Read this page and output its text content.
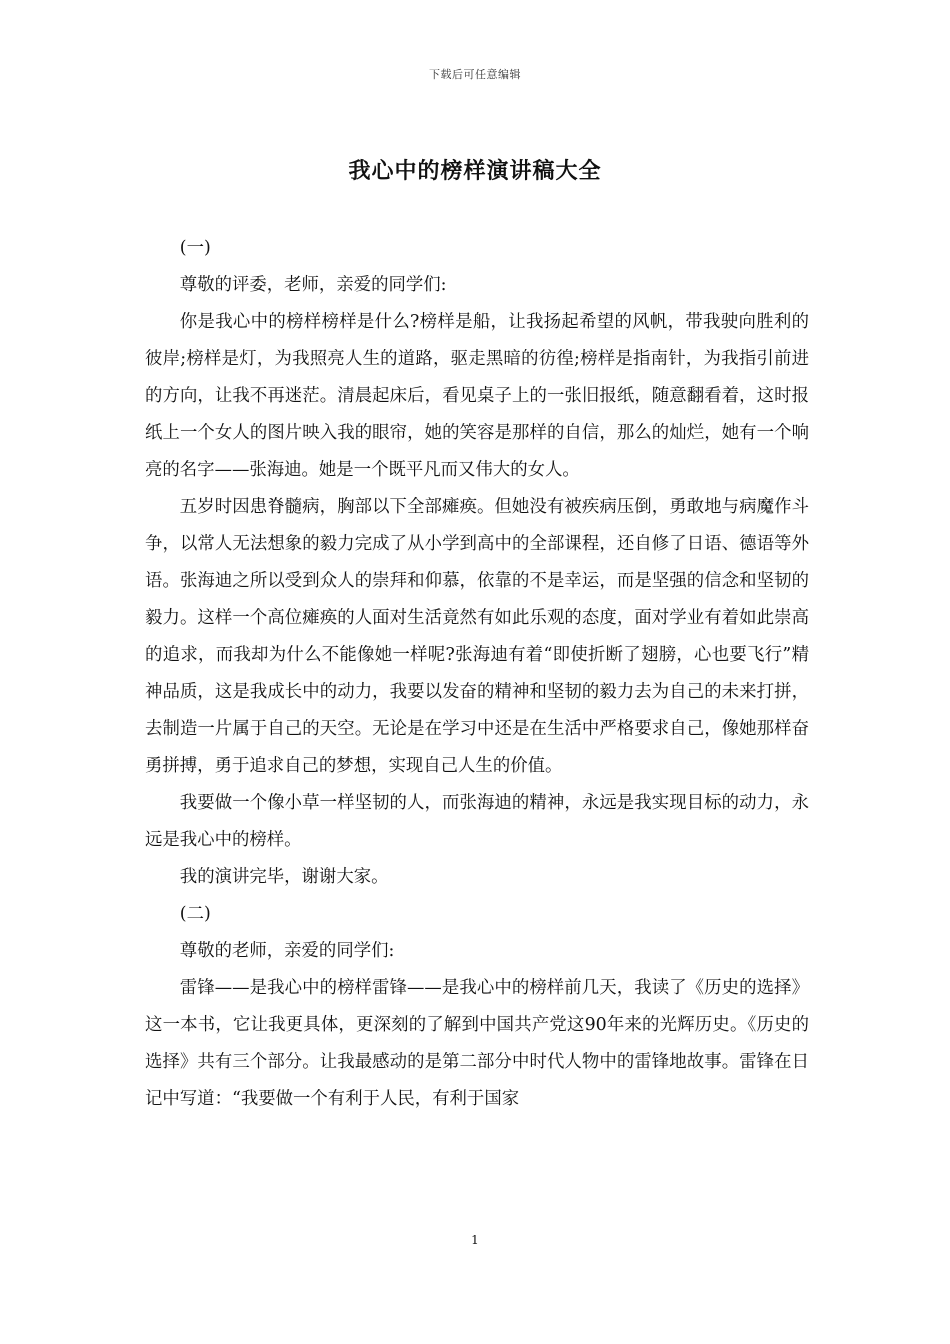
下载后可任意编辑
我心中的榜样演讲稿大全

(一)

尊敬的评委，老师，亲爱的同学们:

你是我心中的榜样榜样是什么?榜样是船，让我扬起希望的风帆，带我驶向胜利的彼岸;榜样是灯，为我照亮人生的道路，驱走黑暗的彷徨;榜样是指南针，为我指引前进的方向，让我不再迷茫。清晨起床后，看见桌子上的一张旧报纸，随意翻看着，这时报纸上一个女人的图片映入我的眼帘，她的笑容是那样的自信，那么的灿烂，她有一个响亮的名字——张海迪。她是一个既平凡而又伟大的女人。

五岁时因患脊髓病，胸部以下全部瘫痪。但她没有被疾病压倒，勇敢地与病魔作斗争，以常人无法想象的毅力完成了从小学到高中的全部课程，还自修了日语、德语等外语。张海迪之所以受到众人的崇拜和仰慕，依靠的不是幸运，而是坚强的信念和坚韧的毅力。这样一个高位瘫痪的人面对生活竟然有如此乐观的态度，面对学业有着如此崇高的追求，而我却为什么不能像她一样呢?张海迪有着“即使折断了翅膀，心也要飞行”精神品质，这是我成长中的动力，我要以发奋的精神和坚韧的毅力去为自己的未来打拼，去制造一片属于自己的天空。无论是在学习中还是在生活中严格要求自己，像她那样奋勇拼搏，勇于追求自己的梦想，实现自己人生的价值。

我要做一个像小草一样坚韧的人，而张海迪的精神，永远是我实现目标的动力，永远是我心中的榜样。

我的演讲完毕，谢谢大家。

(二)

尊敬的老师，亲爱的同学们:

雷锋——是我心中的榜样雷锋——是我心中的榜样前几天，我读了《历史的选择》这一本书，它让我更具体，更深刻的了解到中国共产党这90年来的光辉历史。《历史的选择》共有三个部分。让我最感动的是第二部分中时代人物中的雷锋地故事。雷锋在日记中写道：“我要做一个有利于人民，有利于国家

1
